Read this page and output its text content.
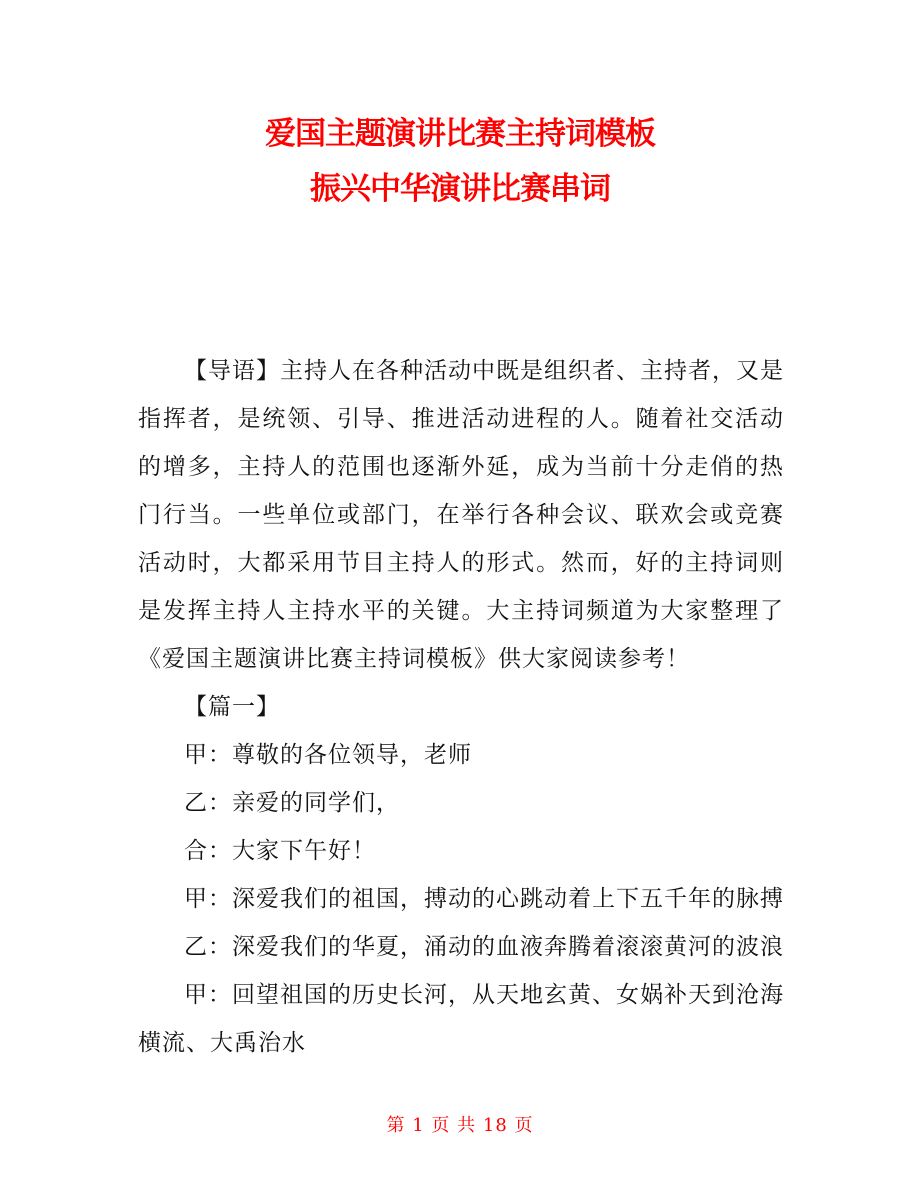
爱国主题演讲比赛主持词模板
振兴中华演讲比赛串词

【导语】主持人在各种活动中既是组织者、主持者，又是指挥者，是统领、引导、推进活动进程的人。随着社交活动的增多，主持人的范围也逐渐外延，成为当前十分走俏的热门行当。一些单位或部门，在举行各种会议、联欢会或竞赛活动时，大都采用节目主持人的形式。然而，好的主持词则是发挥主持人主持水平的关键。大主持词频道为大家整理了《爱国主题演讲比赛主持词模板》供大家阅读参考！

【篇一】

甲：尊敬的各位领导，老师

乙：亲爱的同学们，

合：大家下午好！

甲：深爱我们的祖国，搏动的心跳动着上下五千年的脉搏

乙：深爱我们的华夏，涌动的血液奔腾着滚滚黄河的波浪

甲：回望祖国的历史长河，从天地玄黄、女娲补天到沧海横流、大禹治水

第 1 页 共 18 页
